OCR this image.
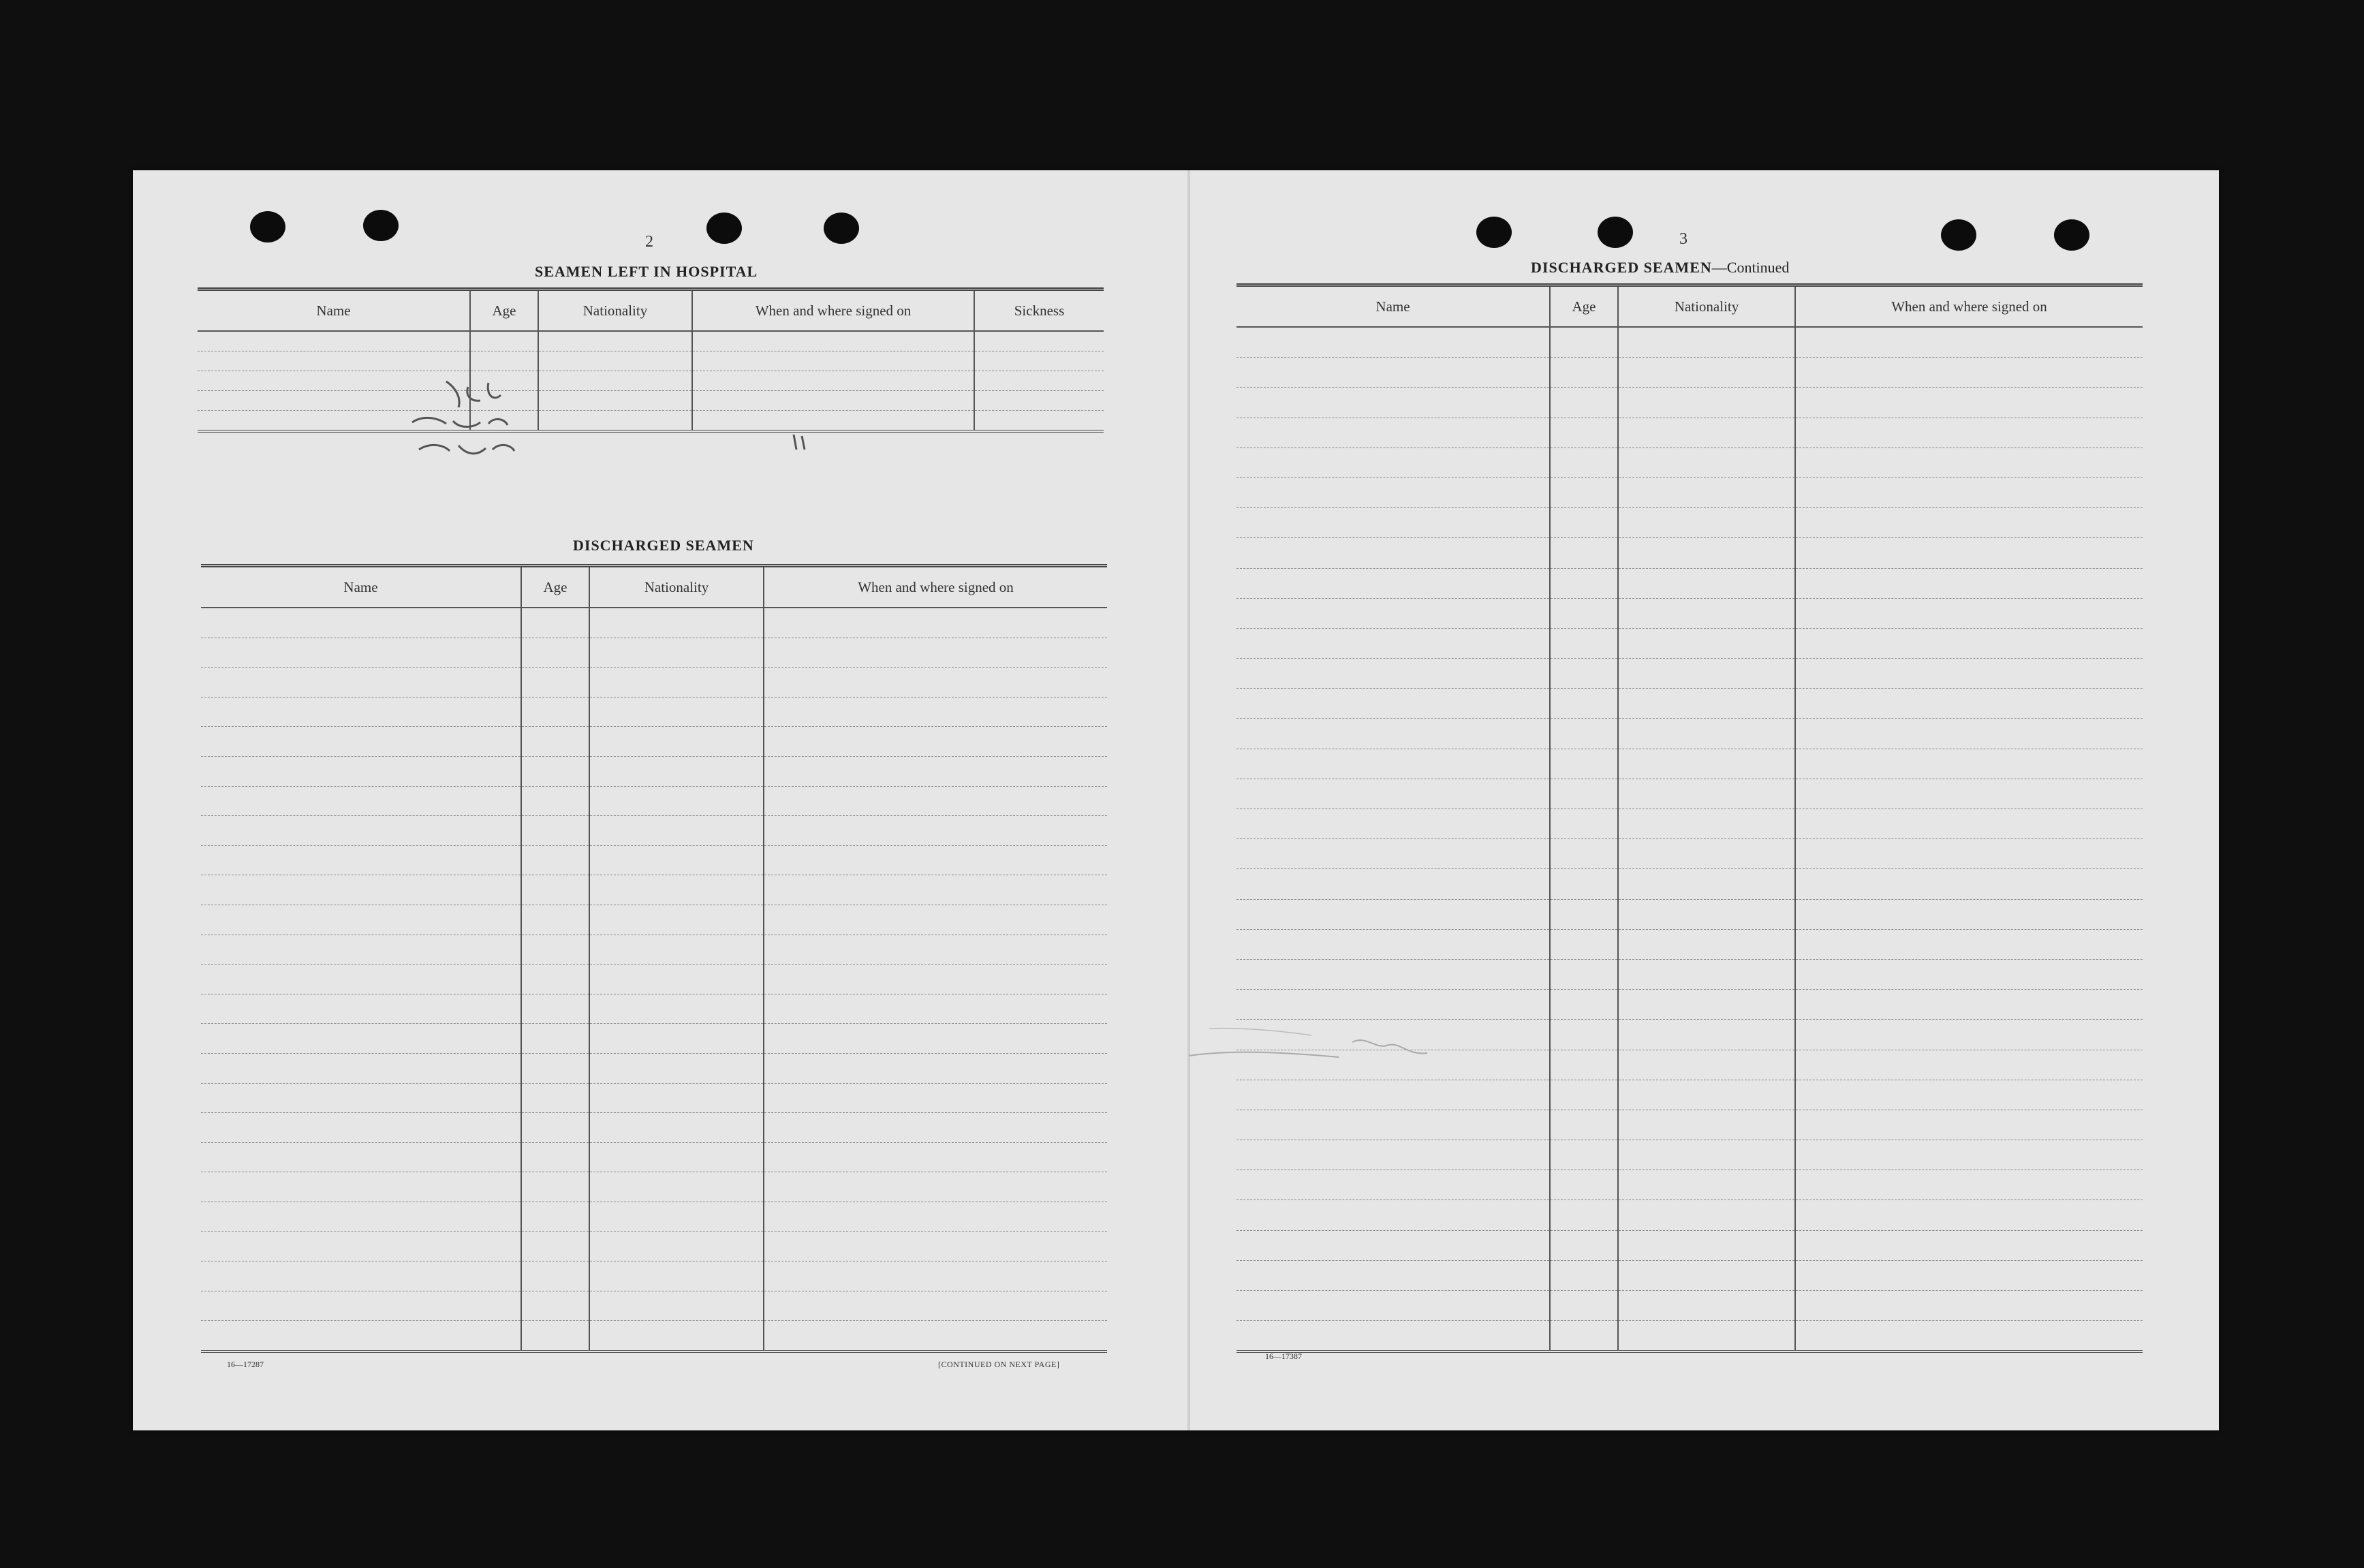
2
SEAMEN LEFT IN HOSPITAL
Name	Age	Nationality	When and where signed on	Sickness

DISCHARGED SEAMEN
Name	Age	Nationality	When and where signed on

16—17287	[CONTINUED ON NEXT PAGE]
3
DISCHARGED SEAMEN—Continued
Name	Age	Nationality	When and where signed on

16—17387
